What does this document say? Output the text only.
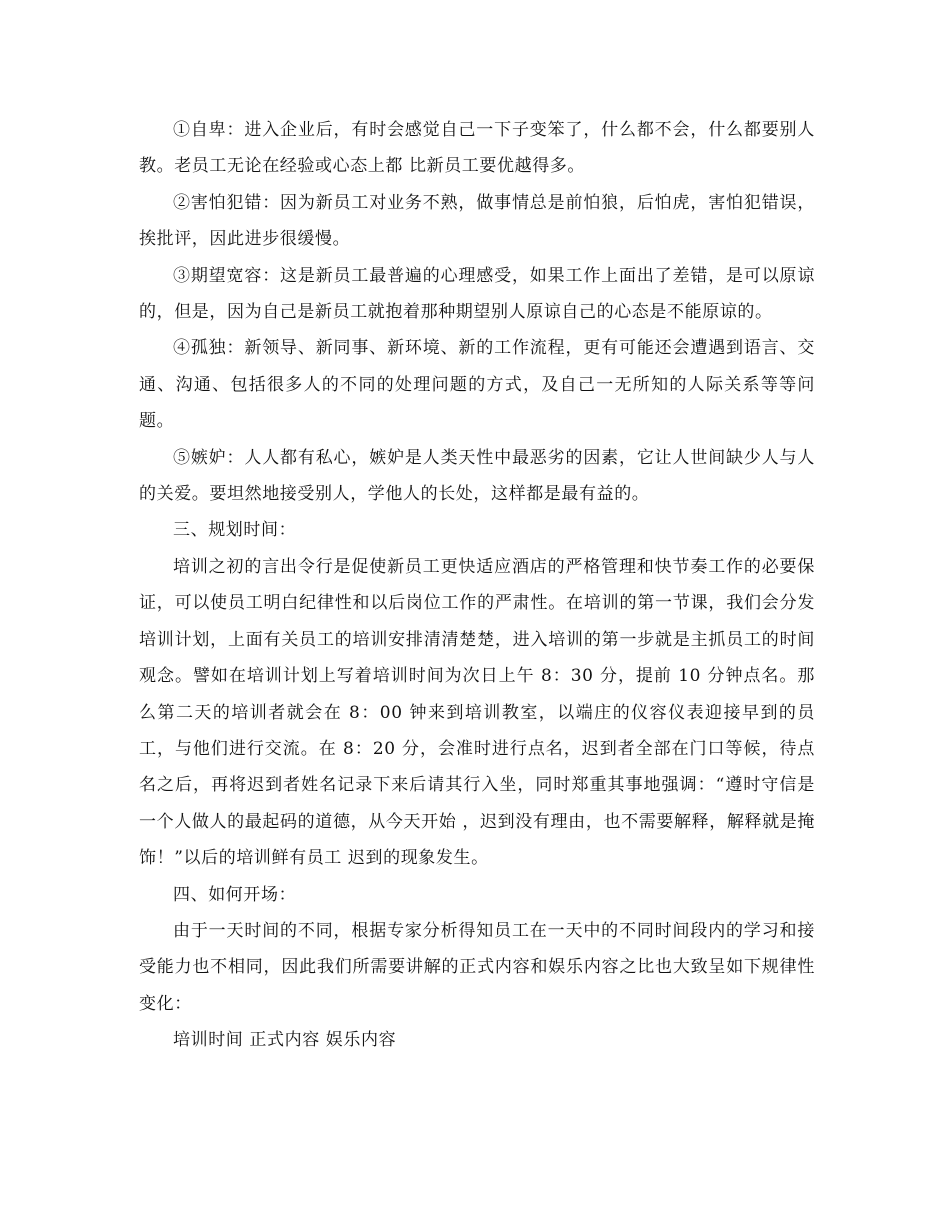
①自卑：进入企业后，有时会感觉自己一下子变笨了，什么都不会，什么都要别人教。老员工无论在经验或心态上都 比新员工要优越得多。

②害怕犯错：因为新员工对业务不熟，做事情总是前怕狼，后怕虎，害怕犯错误，挨批评，因此进步很缓慢。

③期望宽容：这是新员工最普遍的心理感受，如果工作上面出了差错，是可以原谅的，但是，因为自己是新员工就抱着那种期望别人原谅自己的心态是不能原谅的。

④孤独：新领导、新同事、新环境、新的工作流程，更有可能还会遭遇到语言、交通、沟通、包括很多人的不同的处理问题的方式，及自己一无所知的人际关系等等问题。

⑤嫉妒：人人都有私心，嫉妒是人类天性中最恶劣的因素，它让人世间缺少人与人的关爱。要坦然地接受别人，学他人的长处，这样都是最有益的。

三、规划时间：

培训之初的言出令行是促使新员工更快适应酒店的严格管理和快节奏工作的必要保证，可以使员工明白纪律性和以后岗位工作的严肃性。在培训的第一节课，我们会分发培训计划，上面有关员工的培训安排清清楚楚，进入培训的第一步就是主抓员工的时间观念。譬如在培训计划上写着培训时间为次日上午 8：30 分，提前 10 分钟点名。那么第二天的培训者就会在 8：00 钟来到培训教室，以端庄的仪容仪表迎接早到的员工，与他们进行交流。在 8：20 分，会准时进行点名，迟到者全部在门口等候，待点名之后，再将迟到者姓名记录下来后请其行入坐，同时郑重其事地强调：“遵时守信是一个人做人的最起码的道德，从今天开始 ，迟到没有理由，也不需要解释，解释就是掩饰！”以后的培训鲜有员工 迟到的现象发生。

四、如何开场：

由于一天时间的不同，根据专家分析得知员工在一天中的不同时间段内的学习和接受能力也不相同，因此我们所需要讲解的正式内容和娱乐内容之比也大致呈如下规律性变化：

培训时间 正式内容 娱乐内容
